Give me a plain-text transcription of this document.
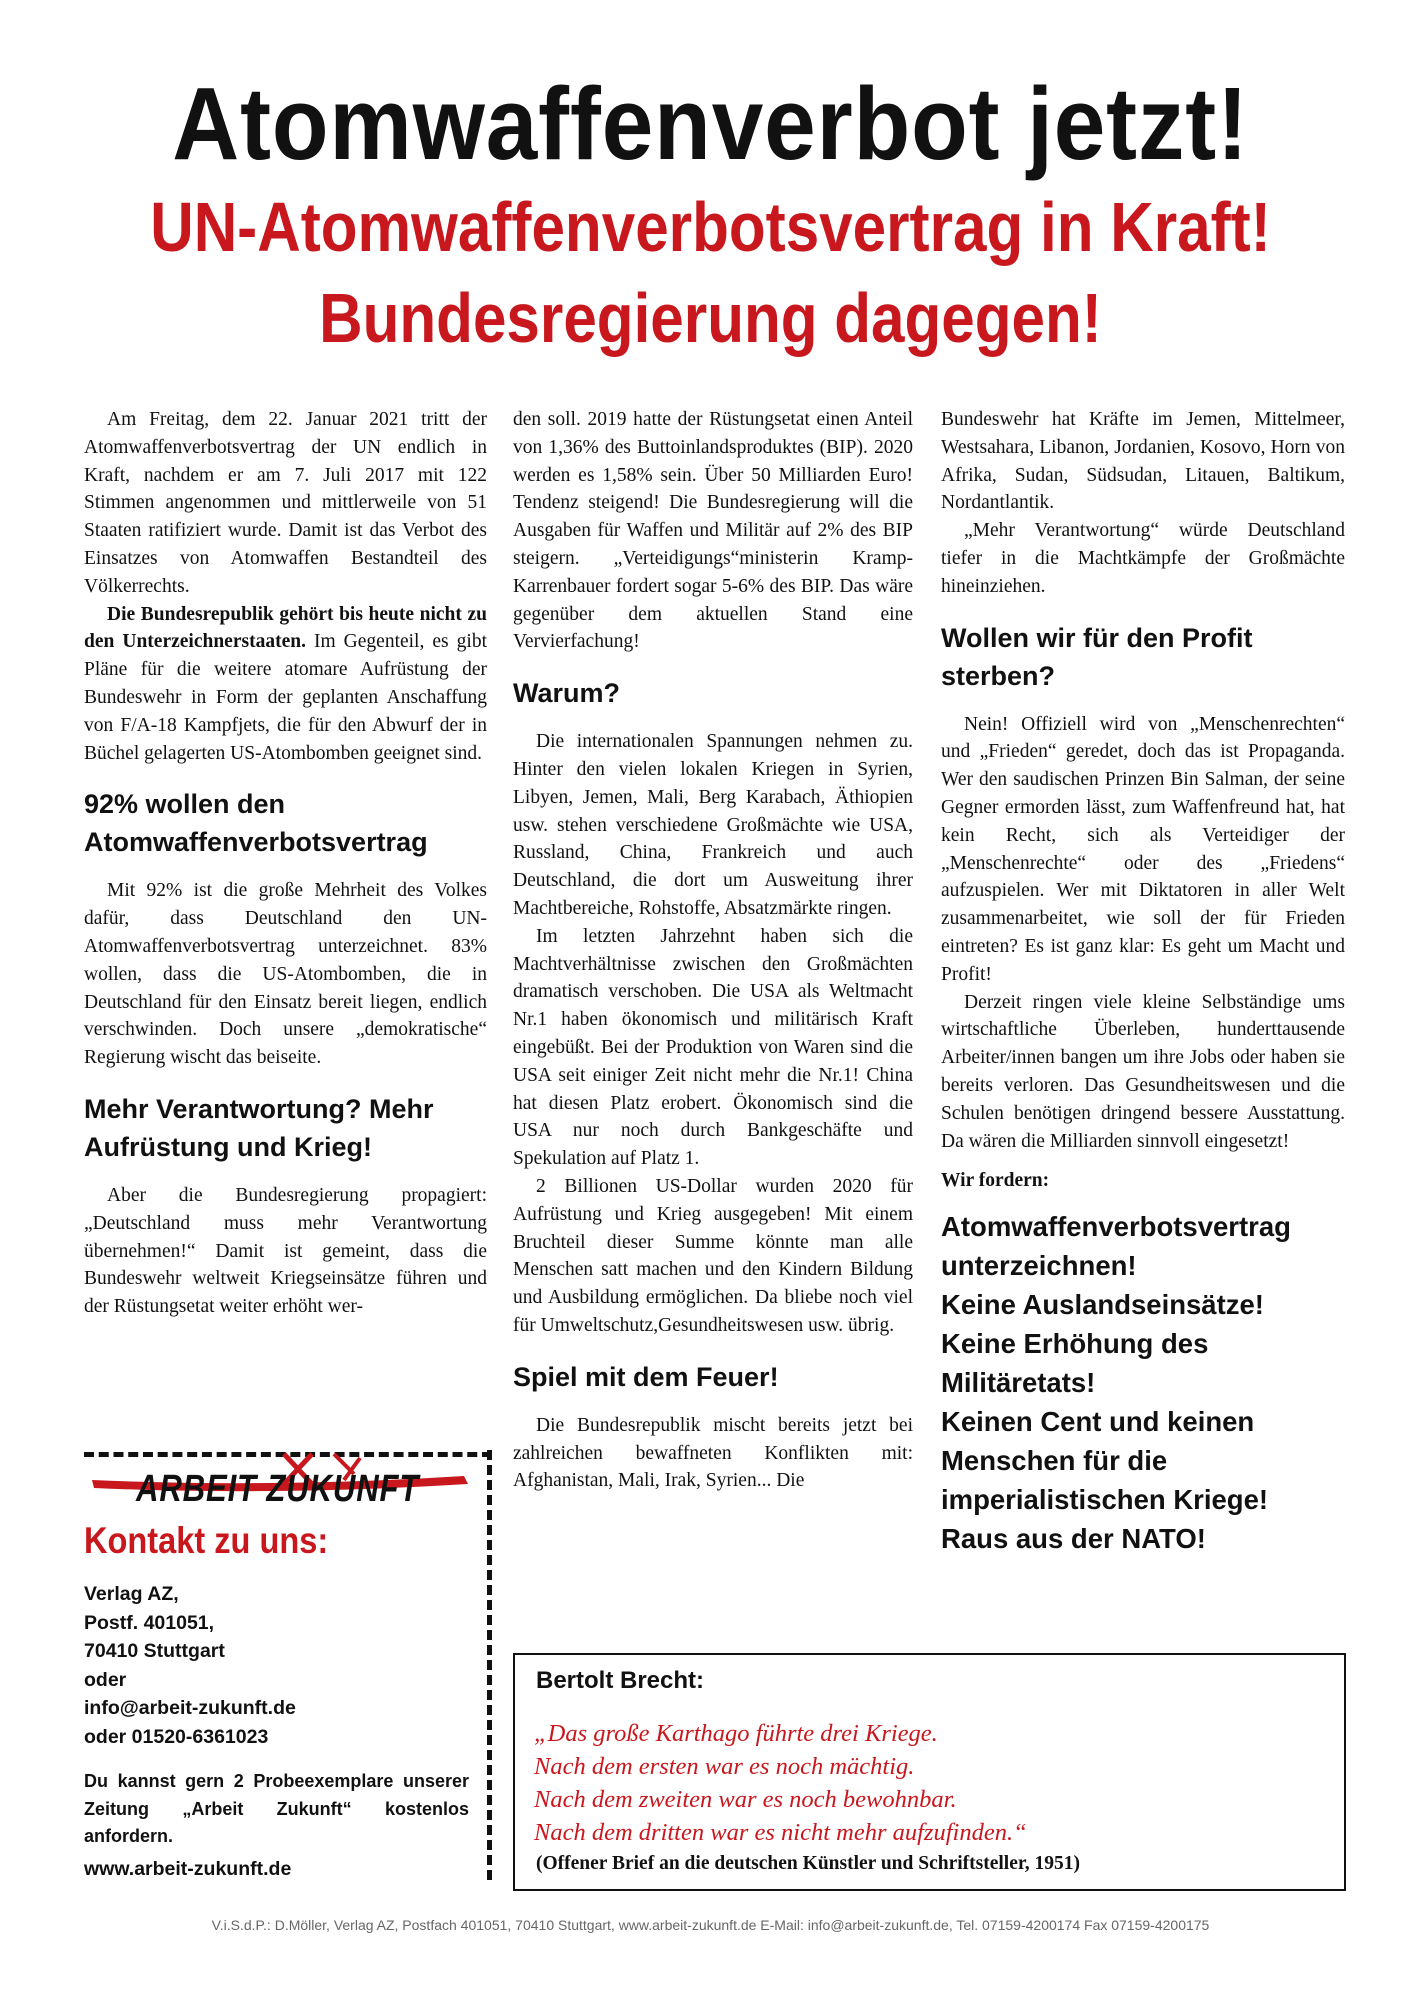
Atomwaffenverbot jetzt!
UN-Atomwaffenverbotsvertrag in Kraft!
Bundesregierung dagegen!

Am Freitag, dem 22. Januar 2021 tritt der Atomwaffenverbotsvertrag der UN endlich in Kraft, nachdem er am 7. Juli 2017 mit 122 Stimmen angenommen und mittlerweile von 51 Staaten ratifiziert wurde. Damit ist das Verbot des Einsatzes von Atomwaffen Bestandteil des Völkerrechts.

Die Bundesrepublik gehört bis heute nicht zu den Unterzeichnerstaaten. Im Gegenteil, es gibt Pläne für die weitere atomare Aufrüstung der Bundeswehr in Form der geplanten Anschaffung von F/A-18 Kampfjets, die für den Abwurf der in Büchel gelagerten US-Atombomben geeignet sind.

92% wollen den Atomwaffenverbotsvertrag

Mit 92% ist die große Mehrheit des Volkes dafür, dass Deutschland den UN-Atomwaffenverbotsvertrag unterzeichnet. 83% wollen, dass die US-Atombomben, die in Deutschland für den Einsatz bereit liegen, endlich verschwinden. Doch unsere „demokratische“ Regierung wischt das beiseite.

Mehr Verantwortung? Mehr Aufrüstung und Krieg!

Aber die Bundesregierung propagiert: „Deutschland muss mehr Verantwortung übernehmen!“ Damit ist gemeint, dass die Bundeswehr weltweit Kriegseinsätze führen und der Rüstungsetat weiter erhöht wer-

den soll. 2019 hatte der Rüstungsetat einen Anteil von 1,36% des Buttoinlandsproduktes (BIP). 2020 werden es 1,58% sein. Über 50 Milliarden Euro! Tendenz steigend! Die Bundesregierung will die Ausgaben für Waffen und Militär auf 2% des BIP steigern. „Verteidigungs“ministerin Kramp-Karrenbauer fordert sogar 5-6% des BIP. Das wäre gegenüber dem aktuellen Stand eine Vervierfachung!

Warum?

Die internationalen Spannungen nehmen zu. Hinter den vielen lokalen Kriegen in Syrien, Libyen, Jemen, Mali, Berg Karabach, Äthiopien usw. stehen verschiedene Großmächte wie USA, Russland, China, Frankreich und auch Deutschland, die dort um Ausweitung ihrer Machtbereiche, Rohstoffe, Absatzmärkte ringen.

Im letzten Jahrzehnt haben sich die Machtverhältnisse zwischen den Großmächten dramatisch verschoben. Die USA als Weltmacht Nr.1 haben ökonomisch und militärisch Kraft eingebüßt. Bei der Produktion von Waren sind die USA seit einiger Zeit nicht mehr die Nr.1! China hat diesen Platz erobert. Ökonomisch sind die USA nur noch durch Bankgeschäfte und Spekulation auf Platz 1.

2 Billionen US-Dollar wurden 2020 für Aufrüstung und Krieg ausgegeben! Mit einem Bruchteil dieser Summe könnte man alle Menschen satt machen und den Kindern Bildung und Ausbildung ermöglichen. Da bliebe noch viel für Umweltschutz,Gesundheitswesen usw. übrig.

Spiel mit dem Feuer!

Die Bundesrepublik mischt bereits jetzt bei zahlreichen bewaffneten Konflikten mit: Afghanistan, Mali, Irak, Syrien... Die

Bundeswehr hat Kräfte im Jemen, Mittelmeer, Westsahara, Libanon, Jordanien, Kosovo, Horn von Afrika, Sudan, Südsudan, Litauen, Baltikum, Nordantlantik.

„Mehr Verantwortung“ würde Deutschland tiefer in die Machtkämpfe der Großmächte hineinziehen.

Wollen wir für den Profit sterben?

Nein! Offiziell wird von „Menschenrechten“ und „Frieden“ geredet, doch das ist Propaganda. Wer den saudischen Prinzen Bin Salman, der seine Gegner ermorden lässt, zum Waffenfreund hat, hat kein Recht, sich als Verteidiger der „Menschenrechte“ oder des „Friedens“ aufzuspielen. Wer mit Diktatoren in aller Welt zusammenarbeitet, wie soll der für Frieden eintreten? Es ist ganz klar: Es geht um Macht und Profit!

Derzeit ringen viele kleine Selbständige ums wirtschaftliche Überleben, hunderttausende Arbeiter/innen bangen um ihre Jobs oder haben sie bereits verloren. Das Gesundheitswesen und die Schulen benötigen dringend bessere Ausstattung. Da wären die Milliarden sinnvoll eingesetzt!

Wir fordern:

Atomwaffenverbotsvertrag
unterzeichnen!
Keine Auslandseinsätze!
Keine Erhöhung des
Militäretats!
Keinen Cent und keinen
Menschen für die
imperialistischen Kriege!
Raus aus der NATO!
ARBEIT ZUKUNFT
Kontakt zu uns:
Verlag AZ,
Postf. 401051,
70410 Stuttgart
oder
info@arbeit-zukunft.de
oder 01520-6361023
Du kannst gern 2 Probeexemplare unserer Zeitung „Arbeit Zukunft“ kostenlos anfordern.
www.arbeit-zukunft.de
Bertolt Brecht:
„Das große Karthago führte drei Kriege.
Nach dem ersten war es noch mächtig.
Nach dem zweiten war es noch bewohnbar.
Nach dem dritten war es nicht mehr aufzufinden.“
(Offener Brief an die deutschen Künstler und Schriftsteller, 1951)
V.i.S.d.P.: D.Möller, Verlag AZ, Postfach 401051, 70410 Stuttgart, www.arbeit-zukunft.de E-Mail: info@arbeit-zukunft.de, Tel. 07159-4200174 Fax 07159-4200175
